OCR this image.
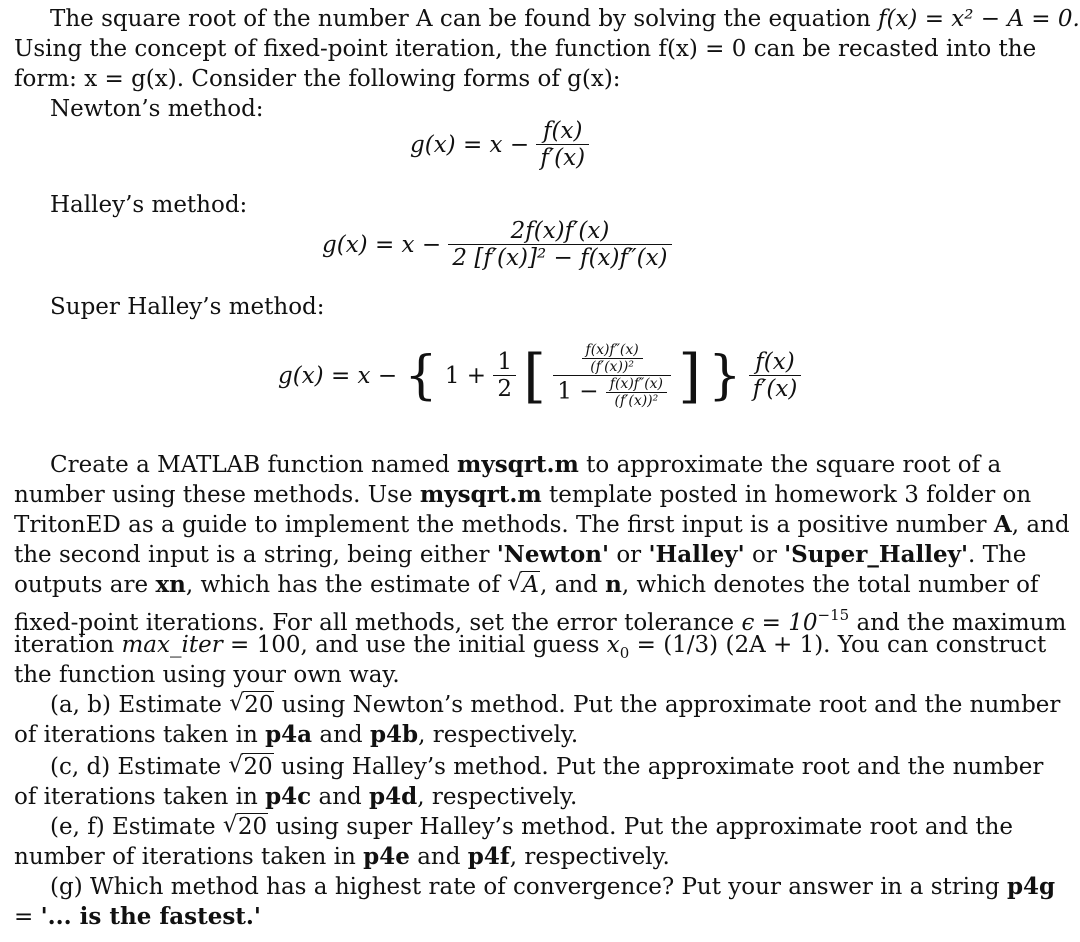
The square root of the number A can be found by solving the equation f(x) = x² − A = 0.
Using the concept of fixed-point iteration, the function f(x) = 0 can be recasted into the
form: x = g(x). Consider the following forms of g(x):
Newton’s method:
$g(x) = x - \frac{f(x)}{f'(x)}$
Halley’s method:
$g(x) = x - \frac{2f(x)f'(x)}{\text{2 [f′(x)]² − f(x)f″(x)}}$
Super Halley’s method:
g(x) = x − { $1 + \frac{1}{2}$ [ $\frac{\frac{f(x)f''(x)}{\text{(f′(x))²}}}{1 - \frac{f(x)f''(x)}{\text{(f′(x))²}}}$ ] } $\frac{f(x)}{f'(x)}$
Create a MATLAB function named mysqrt.m to approximate the square root of a
number using these methods. Use mysqrt.m template posted in homework 3 folder on
TritonED as a guide to implement the methods. The first input is a positive number A, and
the second input is a string, being either 'Newton' or 'Halley' or 'Super_Halley'. The
outputs are xn, which has the estimate of √ A, and n, which denotes the total number of
fixed-point iterations. For all methods, set the error tolerance $\epsilon = 10^{-15}$ and the maximum
iteration max_iter = 100, and use the initial guess $x_0 = (1/3) (2A + 1)$. You can construct
the function using your own way.
(a, b) Estimate √ 20 using Newton’s method. Put the approximate root and the number
of iterations taken in p4a and p4b, respectively.
(c, d) Estimate √ 20 using Halley’s method. Put the approximate root and the number
of iterations taken in p4c and p4d, respectively.
(e, f) Estimate √ 20 using super Halley’s method. Put the approximate root and the
number of iterations taken in p4e and p4f, respectively.
(g) Which method has a highest rate of convergence? Put your answer in a string p4g
= '... is the fastest.'
